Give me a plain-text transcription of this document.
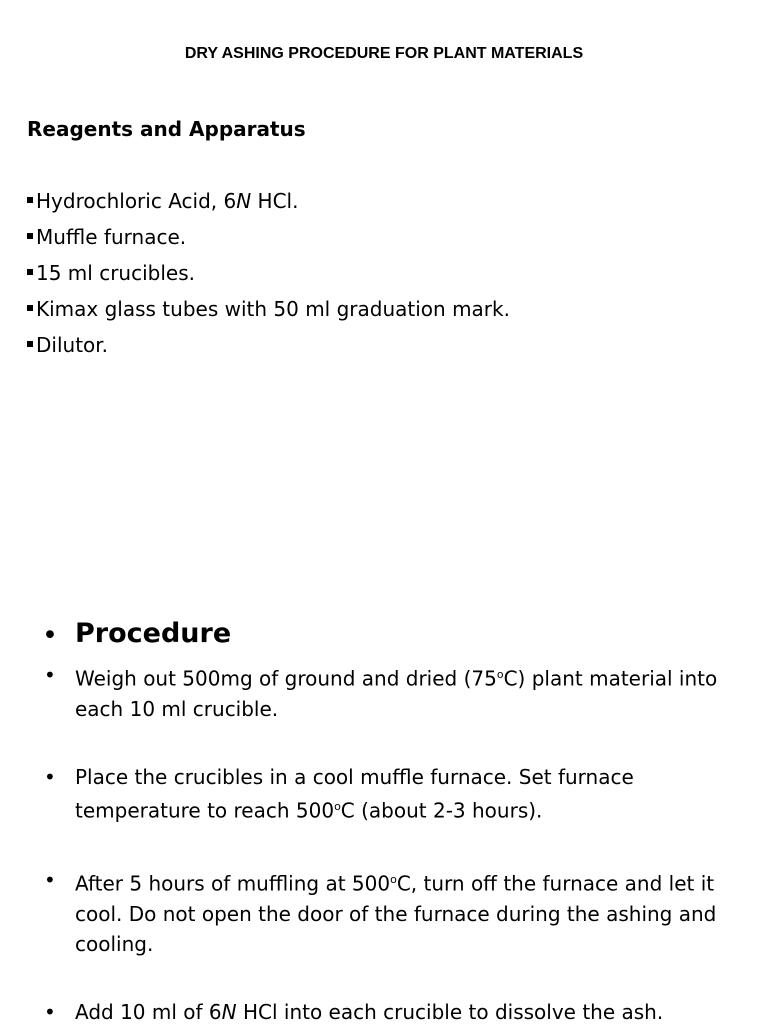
DRY ASHING PROCEDURE FOR PLANT MATERIALS
Reagents and Apparatus
Hydrochloric Acid, 6N HCl.
Muffle furnace.
15 ml crucibles.
Kimax glass tubes with 50 ml graduation mark.
Dilutor.
• Procedure
• Weigh out 500mg of ground and dried (75$^o$C) plant material into each 10 ml crucible.
• Place the crucibles in a cool muffle furnace. Set furnace temperature to reach 500$^o$C (about 2-3 hours).
• After 5 hours of muffling at 500$^o$C, turn off the furnace and let it cool. Do not open the door of the furnace during the ashing and cooling.
• Add 10 ml of 6N HCl into each crucible to dissolve the ash.
